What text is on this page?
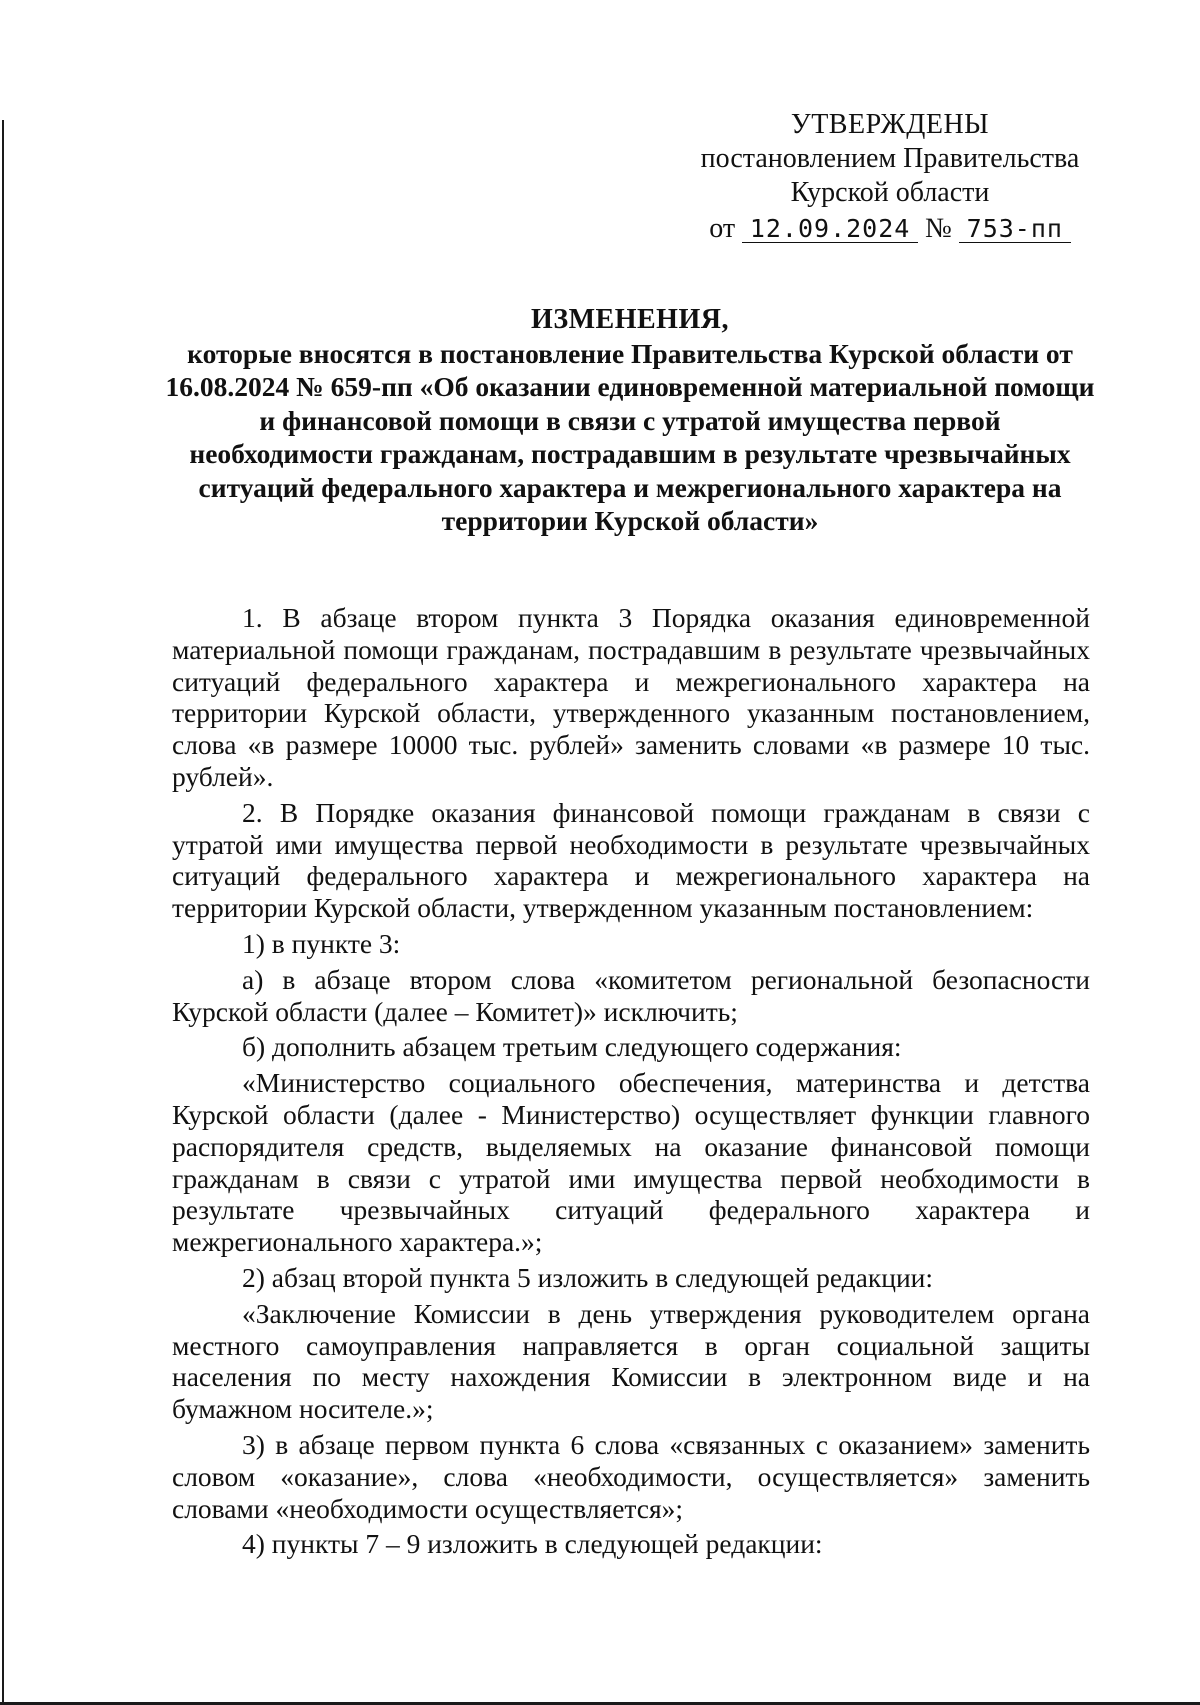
УТВЕРЖДЕНЫ
постановлением Правительства
Курской области
от 12.09.2024 № 753-пп
ИЗМЕНЕНИЯ,
которые вносятся в постановление Правительства Курской области от 16.08.2024 № 659-пп «Об оказании единовременной материальной помощи и финансовой помощи в связи с утратой имущества первой необходимости гражданам, пострадавшим в результате чрезвычайных ситуаций федерального характера и межрегионального характера на территории Курской области»

1. В абзаце втором пункта 3 Порядка оказания единовременной материальной помощи гражданам, пострадавшим в результате чрезвычайных ситуаций федерального характера и межрегионального характера на территории Курской области, утвержденного указанным постановлением, слова «в размере 10000 тыс. рублей» заменить словами «в размере 10 тыс. рублей».

2. В Порядке оказания финансовой помощи гражданам в связи с утратой ими имущества первой необходимости в результате чрезвычайных ситуаций федерального характера и межрегионального характера на территории Курской области, утвержденном указанным постановлением:

1) в пункте 3:

а) в абзаце втором слова «комитетом региональной безопасности Курской области (далее – Комитет)» исключить;

б) дополнить абзацем третьим следующего содержания:

«Министерство социального обеспечения, материнства и детства Курской области (далее - Министерство) осуществляет функции главного распорядителя средств, выделяемых на оказание финансовой помощи гражданам в связи с утратой ими имущества первой необходимости в результате чрезвычайных ситуаций федерального характера и межрегионального характера.»;

2) абзац второй пункта 5 изложить в следующей редакции:

«Заключение Комиссии в день утверждения руководителем органа местного самоуправления направляется в орган социальной защиты населения по месту нахождения Комиссии в электронном виде и на бумажном носителе.»;

3) в абзаце первом пункта 6 слова «связанных с оказанием» заменить словом «оказание», слова «необходимости, осуществляется» заменить словами «необходимости осуществляется»;

4) пункты 7 – 9 изложить в следующей редакции:
